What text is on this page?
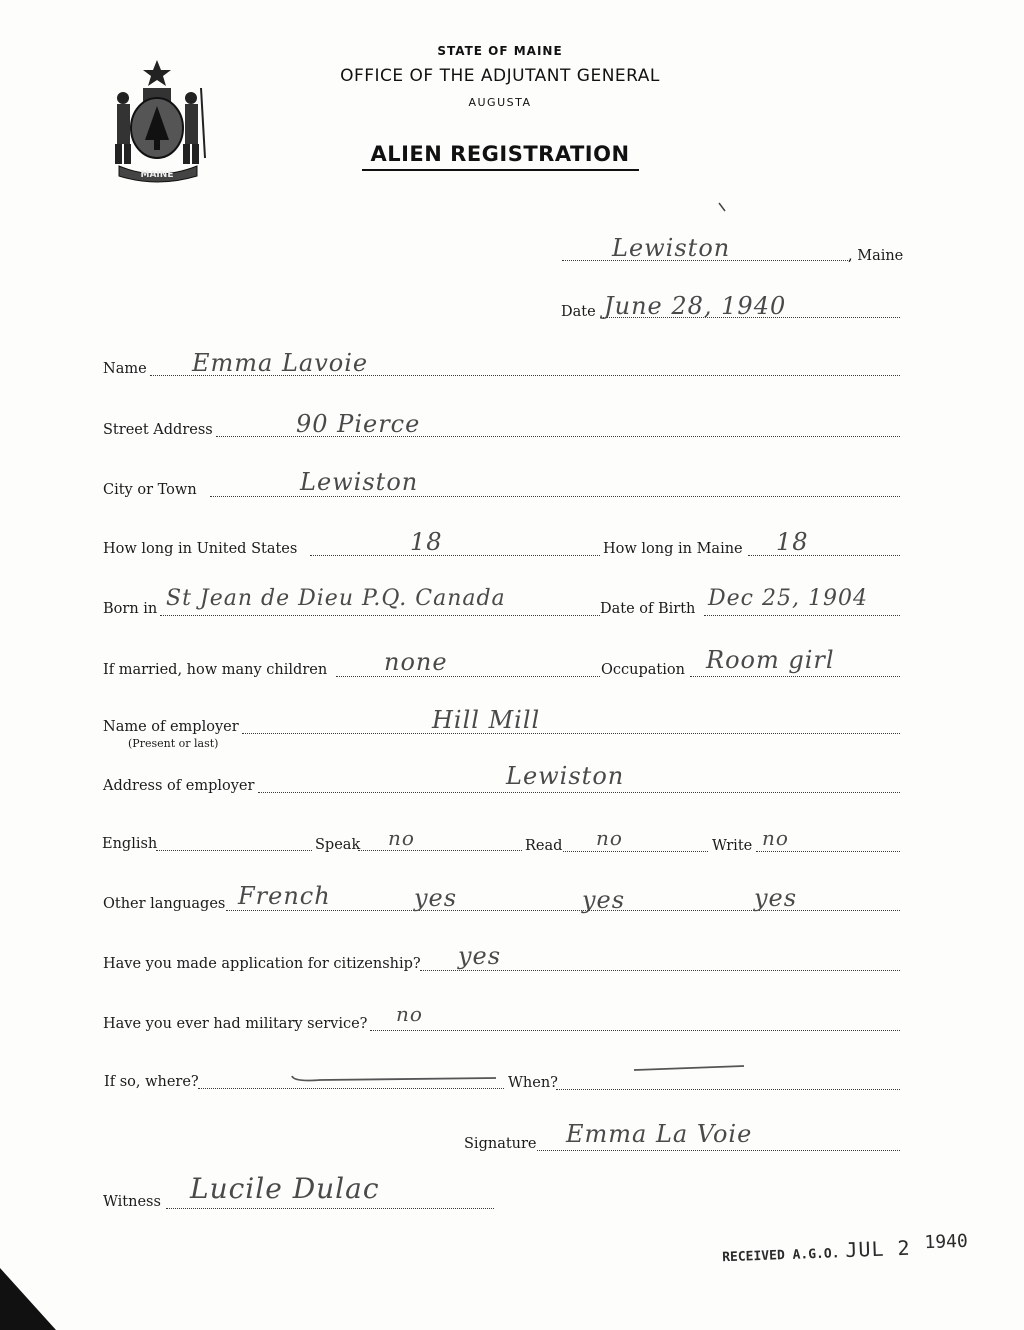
MAINE
STATE OF MAINE
OFFICE OF THE ADJUTANT GENERAL
AUGUSTA
ALIEN REGISTRATION
Lewiston	, Maine
Date June 28, 1940
Name Emma Lavoie
Street Address	90 Pierce
City or Town	Lewiston
How long in United States	18	How long in Maine 18
Born in St Jean de Dieu P.Q. Canada	Date of Birth Dec 25, 1904
If married, how many children none	Occupation Room girl
Name of employer
(Present or last)
Hill Mill
Address of employer	Lewiston
English	Speak no	Read no	Write no
Other languages French	yes	yes	yes
Have you made application for citizenship? yes
Have you ever had military service? no
If so, where?	When?
Signature Emma La Voie
Witness Lucile Dulac
RECEIVED A.G.O. JUL 2 1940
